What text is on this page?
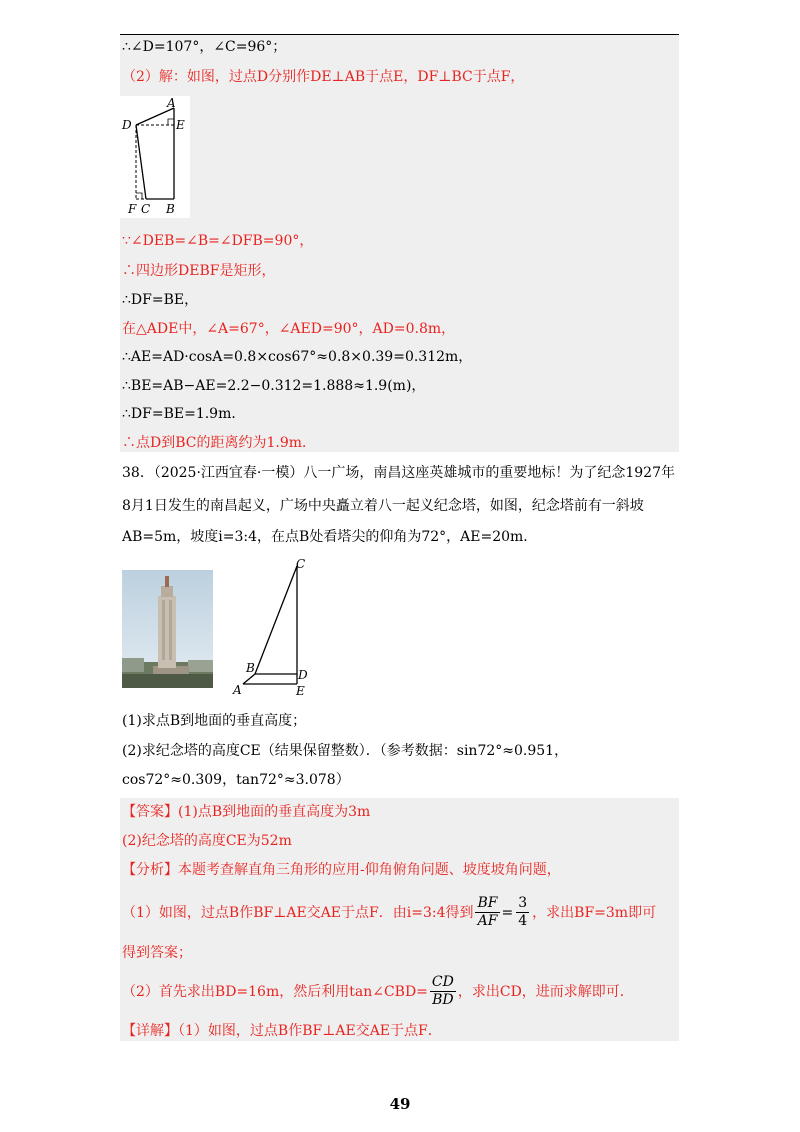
∴∠D=107°，∠C=96°；
（2）解：如图，过点D分别作DE⊥AB于点E，DF⊥BC于点F，
A
D	E
F C B
∵∠DEB=∠B=∠DFB=90°，
∴四边形DEBF是矩形，
∴DF=BE，
在△ADE中，∠A=67°，∠AED=90°，AD=0.8m，
∴AE=AD·cosA=0.8×cos67°≈0.8×0.39=0.312m，
∴BE=AB−AE=2.2−0.312=1.888≈1.9(m)，
∴DF=BE=1.9m．
∴点D到BC的距离约为1.9m．
38．（2025·江西宜春·一模）八一广场，南昌这座英雄城市的重要地标！为了纪念1927年
8月1日发生的南昌起义，广场中央矗立着八一起义纪念塔，如图，纪念塔前有一斜坡
AB=5m，坡度i=3:4，在点B处看塔尖的仰角为72°，AE=20m．
C
B	D
A	E
(1)求点B到地面的垂直高度；
(2)求纪念塔的高度CE（结果保留整数）．（参考数据：sin72°≈0.951，
cos72°≈0.309，tan72°≈3.078）
【答案】(1)点B到地面的垂直高度为3m
(2)纪念塔的高度CE为52m
【分析】本题考查解直角三角形的应用-仰角俯角问题、坡度坡角问题，
（1）如图，过点B作BF⊥AE交AE于点F．由i=3:4得到 $\frac{BF}{AF} = \frac{3}{4}$ ，求出BF=3m即可
得到答案；
（2）首先求出BD=16m，然后利用tan∠CBD= $\frac{CD}{BD}$ ，求出CD，进而求解即可．
【详解】（1）如图，过点B作BF⊥AE交AE于点F．
49
